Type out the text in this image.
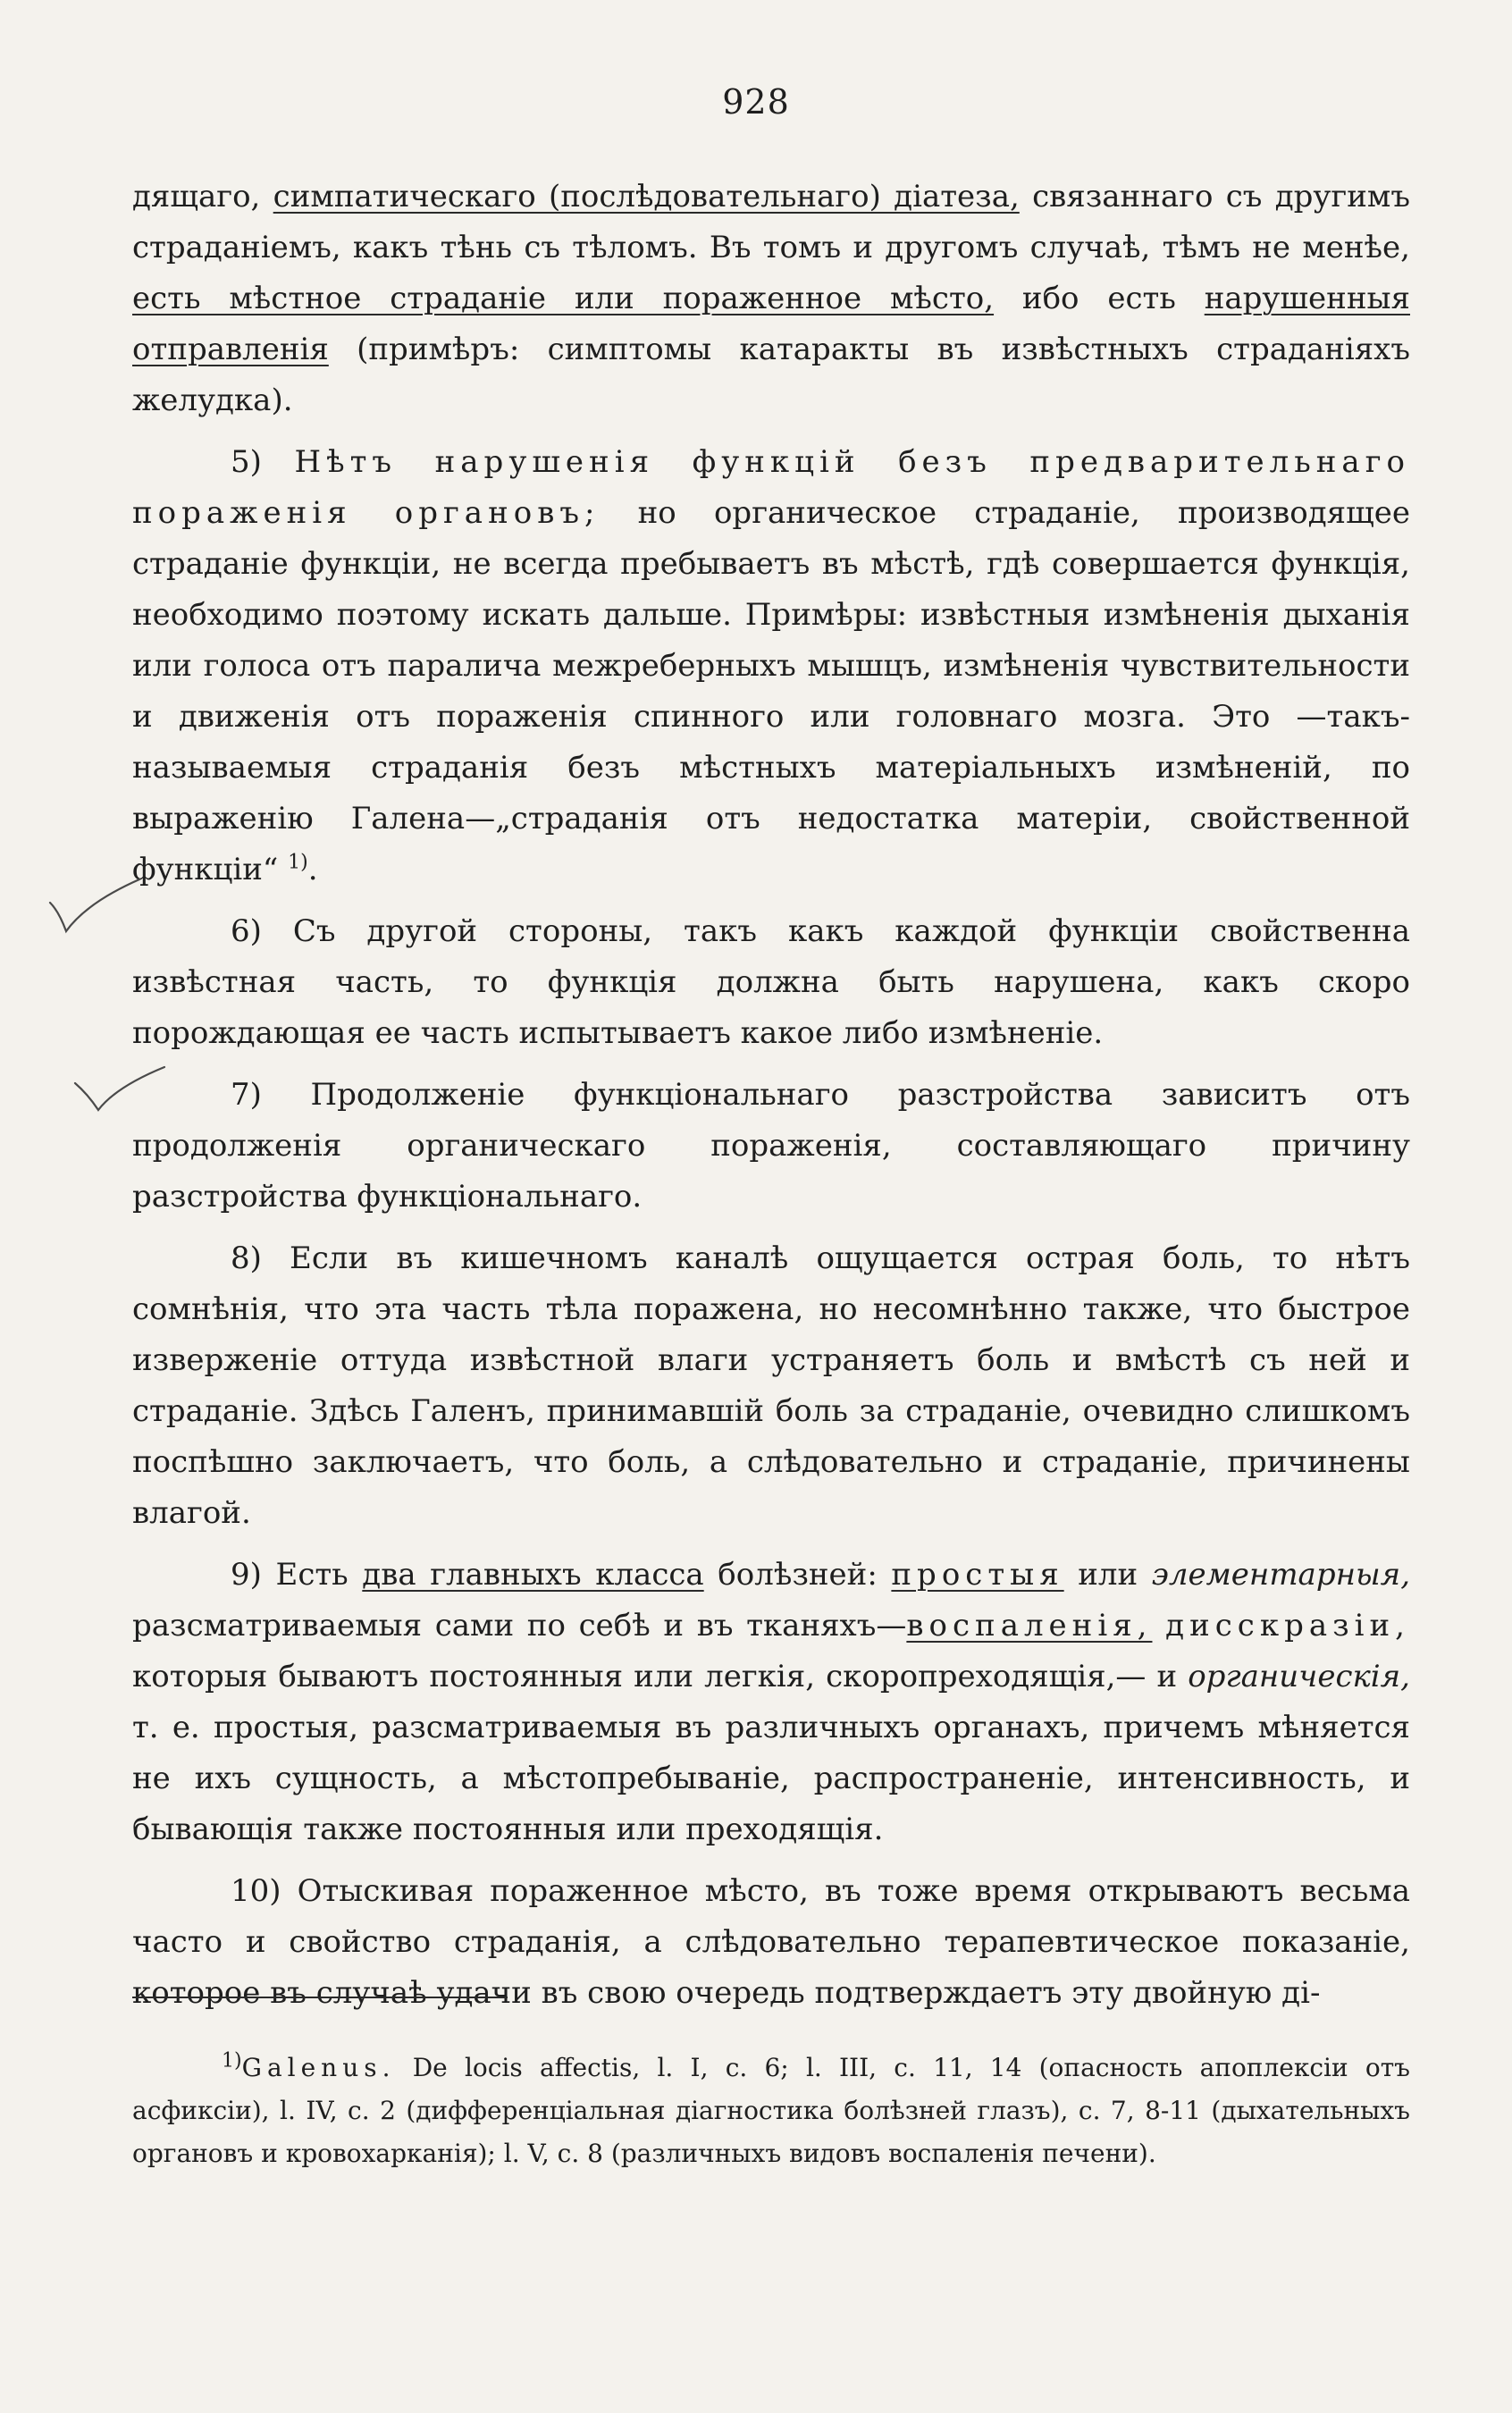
928

дящаго, симпатическаго (послѣдовательнаго) діатеза, связаннаго съ другимъ страданіемъ, какъ тѣнь съ тѣломъ. Въ томъ и другомъ случаѣ, тѣмъ не менѣе, есть мѣстное страданіе или пораженное мѣсто, ибо есть нарушенныя отправленія (примѣръ: симптомы катаракты въ извѣстныхъ страданіяхъ желудка).

5) Нѣтъ нарушенія функцій безъ предварительнаго пораженія органовъ; но органическое страданіе, производящее страданіе функціи, не всегда пребываетъ въ мѣстѣ, гдѣ совершается функція, необходимо поэтому искать дальше. Примѣры: извѣстныя измѣненія дыханія или голоса отъ паралича межреберныхъ мышцъ, измѣненія чувствительности и движенія отъ пораженія спинного или головнаго мозга. Это —такъ-называемыя страданія безъ мѣстныхъ матеріальныхъ измѣненій, по выраженію Галена—„страданія отъ недостатка матеріи, свойственной функціи“ $^{1)}$.

6) Съ другой стороны, такъ какъ каждой функціи свойственна извѣстная часть, то функція должна быть нарушена, какъ скоро порождающая ее часть испытываетъ какое либо измѣненіе.

7) Продолженіе функціональнаго разстройства зависитъ отъ продолженія органическаго пораженія, составляющаго причину разстройства функціональнаго.

8) Если въ кишечномъ каналѣ ощущается острая боль, то нѣтъ сомнѣнія, что эта часть тѣла поражена, но несомнѣнно также, что быстрое изверженіе оттуда извѣстной влаги устраняетъ боль и вмѣстѣ съ ней и страданіе. Здѣсь Галенъ, принимавшій боль за страданіе, очевидно слишкомъ поспѣшно заключаетъ, что боль, а слѣдовательно и страданіе, причинены влагой.

9) Есть два главныхъ класса болѣзней: простыя или элементарныя, разсматриваемыя сами по себѣ и въ тканяхъ—воспаленія, дисскразіи, которыя бываютъ постоянныя или легкія, скоропреходящія,— и органическія, т. е. простыя, разсматриваемыя въ различныхъ органахъ, причемъ мѣняется не ихъ сущность, а мѣстопребываніе, распространеніе, интенсивность, и бывающія также постоянныя или преходящія.

10) Отыскивая пораженное мѣсто, въ тоже время открываютъ весьма часто и свойство страданія, а слѣдовательно терапевтическое показаніе, которое въ случаѣ удачи въ свою очередь подтверждаетъ эту двойную ді-

$^{1)}$Galenus. De locis affectis, l. I, c. 6; l. III, c. 11, 14 (опасность апоплексіи отъ асфиксіи), l. IV, c. 2 (дифференціальная діагностика болѣзней глазъ), c. 7, 8-11 (дыхательныхъ органовъ и кровохарканія); l. V, c. 8 (различныхъ видовъ воспаленія печени).
